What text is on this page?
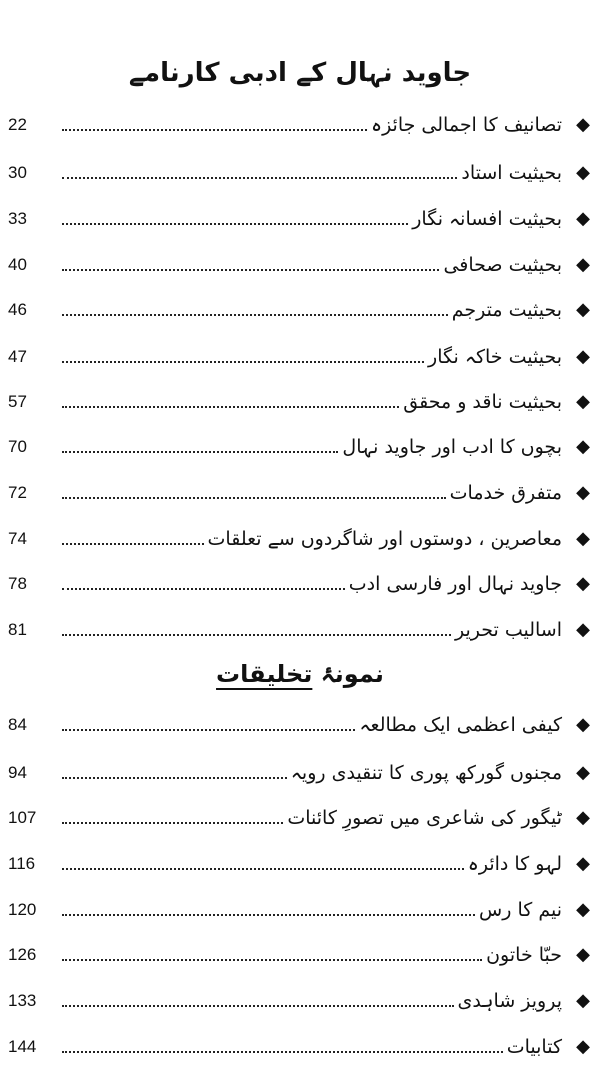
جاوید نہال کے ادبی کارنامے
نمونۂ تخلیقات
22	تصانیف کا اجمالی جائزہ ◆
30	بحیثیت استاد ◆
33	بحیثیت افسانہ نگار ◆
40	بحیثیت صحافی ◆
46	بحیثیت مترجم ◆
47	بحیثیت خاکہ نگار ◆
57	بحیثیت ناقد و محقق ◆
70	بچوں کا ادب اور جاوید نہال ◆
72	متفرق خدمات ◆
74	معاصرین ، دوستوں اور شاگردوں سے تعلقات ◆
78	جاوید نہال اور فارسی ادب ◆
81	اسالیب تحریر ◆
84	کیفی اعظمی ایک مطالعہ ◆
94	مجنوں گورکھ پوری کا تنقیدی رویہ ◆
107	ٹیگور کی شاعری میں تصورِ کائنات ◆
116	لہو کا دائرہ ◆
120	نیم کا رس ◆
126	حبّا خاتون ◆
133	پرویز شاہدی ◆
144	کتابیات ◆
